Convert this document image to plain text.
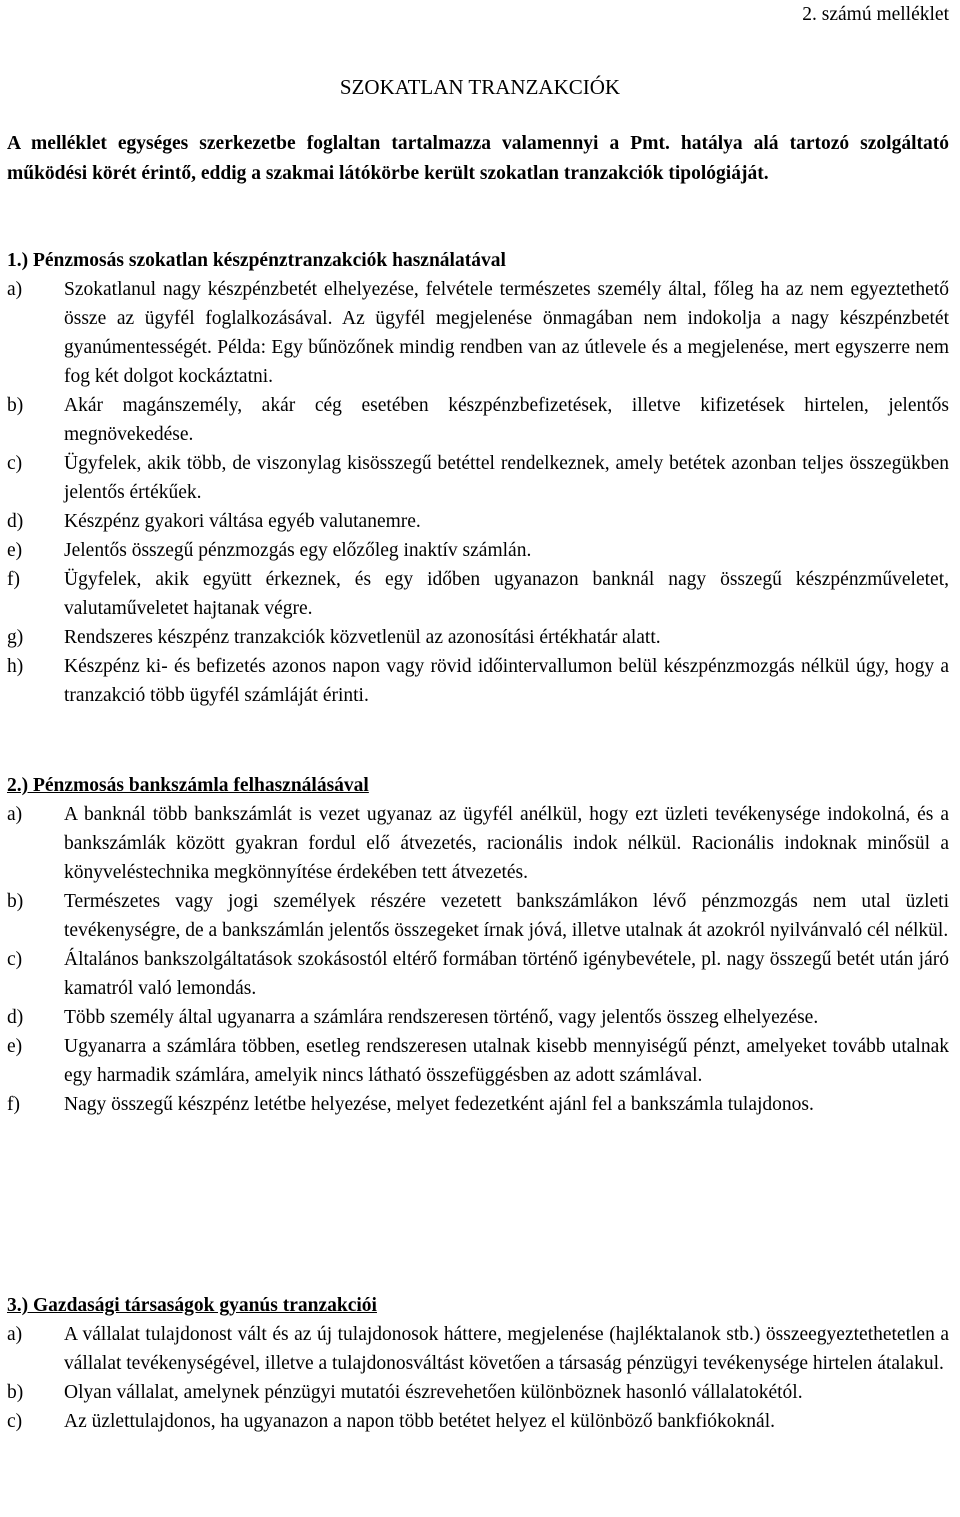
2. számú melléklet
SZOKATLAN TRANZAKCIÓK
A melléklet egységes szerkezetbe foglaltan tartalmazza valamennyi a Pmt. hatálya alá tartozó szolgáltató működési körét érintő, eddig a szakmai látókörbe került szokatlan tranzakciók tipológiáját.
1.) Pénzmosás szokatlan készpénztranzakciók használatával
a)	Szokatlanul nagy készpénzbetét elhelyezése, felvétele természetes személy által, főleg ha az nem egyeztethető össze az ügyfél foglalkozásával. Az ügyfél megjelenése önmagában nem indokolja a nagy készpénzbetét gyanúmentességét. Példa: Egy bűnözőnek mindig rendben van az útlevele és a megjelenése, mert egyszerre nem fog két dolgot kockáztatni.
b)	Akár magánszemély, akár cég esetében készpénzbefizetések, illetve kifizetések hirtelen, jelentős megnövekedése.
c)	Ügyfelek, akik több, de viszonylag kisösszegű betéttel rendelkeznek, amely betétek azonban teljes összegükben jelentős értékűek.
d)	Készpénz gyakori váltása egyéb valutanemre.
e)	Jelentős összegű pénzmozgás egy előzőleg inaktív számlán.
f)	Ügyfelek, akik együtt érkeznek, és egy időben ugyanazon banknál nagy összegű készpénzműveletet, valutaműveletet hajtanak végre.
g)	Rendszeres készpénz tranzakciók közvetlenül az azonosítási értékhatár alatt.
h)	Készpénz ki- és befizetés azonos napon vagy rövid időintervallumon belül készpénzmozgás nélkül úgy, hogy a tranzakció több ügyfél számláját érinti.
2.) Pénzmosás bankszámla felhasználásával
a)	A banknál több bankszámlát is vezet ugyanaz az ügyfél anélkül, hogy ezt üzleti tevékenysége indokolná, és a bankszámlák között gyakran fordul elő átvezetés, racionális indok nélkül. Racionális indoknak minősül a könyveléstechnika megkönnyítése érdekében tett átvezetés.
b)	Természetes vagy jogi személyek részére vezetett bankszámlákon lévő pénzmozgás nem utal üzleti tevékenységre, de a bankszámlán jelentős összegeket írnak jóvá, illetve utalnak át azokról nyilvánvaló cél nélkül.
c)	Általános bankszolgáltatások szokásostól eltérő formában történő igénybevétele, pl. nagy összegű betét után járó kamatról való lemondás.
d)	Több személy által ugyanarra a számlára rendszeresen történő, vagy jelentős összeg elhelyezése.
e)	Ugyanarra a számlára többen, esetleg rendszeresen utalnak kisebb mennyiségű pénzt, amelyeket tovább utalnak egy harmadik számlára, amelyik nincs látható összefüggésben az adott számlával.
f)	Nagy összegű készpénz letétbe helyezése, melyet fedezetként ajánl fel a bankszámla tulajdonos.
3.) Gazdasági társaságok gyanús tranzakciói
a)	A vállalat tulajdonost vált és az új tulajdonosok háttere, megjelenése (hajléktalanok stb.) összeegyeztethetetlen a vállalat tevékenységével, illetve a tulajdonosváltást követően a társaság pénzügyi tevékenysége hirtelen átalakul.
b)	Olyan vállalat, amelynek pénzügyi mutatói észrevehetően különböznek hasonló vállalatokétól.
c)	Az üzlettulajdonos, ha ugyanazon a napon több betétet helyez el különböző bankfiókoknál.
